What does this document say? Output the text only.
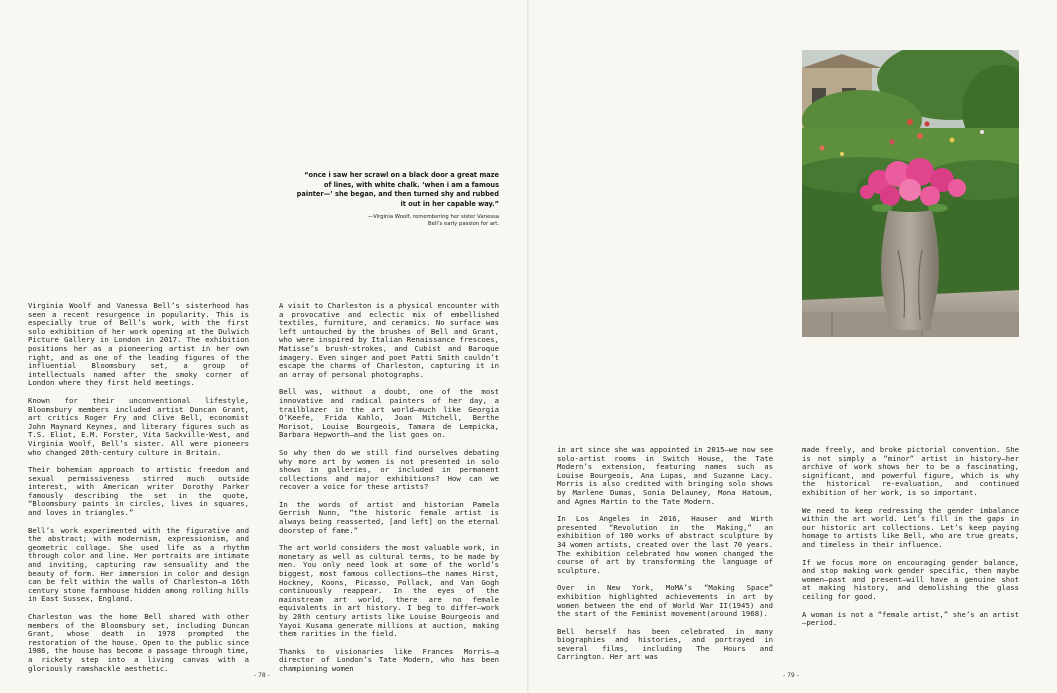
“once i saw her scrawl on a black door a great maze of lines, with white chalk. ‘when i am a famous painter—’ she began, and then turned shy and rubbed it out in her capable way.”

—Virginia Woolf, remembering her sister Vanessa Bell’s early passion for art.

Virginia Woolf and Vanessa Bell’s sisterhood has seen a recent resurgence in popularity. This is especially true of Bell’s work, with the first solo exhibition of her work opening at the Dulwich Picture Gallery in London in 2017. The exhibition positions her as a pioneering artist in her own right, and as one of the leading figures of the influential Bloomsbury set, a group of intellectuals named after the smoky corner of London where they first held meetings.

Known for their unconventional lifestyle, Bloomsbury members included artist Duncan Grant, art critics Roger Fry and Clive Bell, economist John Maynard Keynes, and literary figures such as T.S. Eliot, E.M. Forster, Vita Sackville-West, and Virginia Woolf, Bell’s sister. All were pioneers who changed 20th-century culture in Britain.

Their bohemian approach to artistic freedom and sexual permissiveness stirred much outside interest, with American writer Dorothy Parker famously describing the set in the quote, “Bloomsbury paints in circles, lives in squares, and loves in triangles.”

Bell’s work experimented with the figurative and the abstract; with modernism, expressionism, and geometric collage. She used life as a rhythm through color and line. Her portraits are intimate and inviting, capturing raw sensuality and the beauty of form. Her immersion in color and design can be felt within the walls of Charleston—a 16th century stone farmhouse hidden among rolling hills in East Sussex, England.

Charleston was the home Bell shared with other members of the Bloomsbury set, including Duncan Grant, whose death in 1978 prompted the restoration of the house. Open to the public since 1986, the house has become a passage through time, a rickety step into a living canvas with a gloriously ramshackle aesthetic.

A visit to Charleston is a physical encounter with a provocative and eclectic mix of embellished textiles, furniture, and ceramics. No surface was left untouched by the brushes of Bell and Grant, who were inspired by Italian Renaissance frescoes, Matisse’s brush-strokes, and Cubist and Baroque imagery. Even singer and poet Patti Smith couldn’t escape the charms of Charleston, capturing it in an array of personal photographs.

Bell was, without a doubt, one of the most innovative and radical painters of her day, a trailblazer in the art world—much like Georgia O’Keefe, Frida Kahlo, Joan Mitchell, Berthe Morisot, Louise Bourgeois, Tamara de Lempicka, Barbara Hepworth—and the list goes on.

So why then do we still find ourselves debating why more art by women is not presented in solo shows in galleries, or included in permanent collections and major exhibitions? How can we recover a voice for these artists?

In the words of artist and historian Pamela Gerrish Nunn, “the historic female artist is always being reasserted, [and left] on the eternal doorstep of fame.”

The art world considers the most valuable work, in monetary as well as cultural terms, to be made by men. You only need look at some of the world’s biggest, most famous collections—the names Hirst, Hockney, Koons, Picasso, Pollack, and Van Gogh continuously reappear. In the eyes of the mainstream art world, there are no female equivalents in art history. I beg to differ—work by 20th century artists like Louise Bourgeois and Yayoi Kusama generate millions at auction, making them rarities in the field.

Thanks to visionaries like Frances Morris—a director of London’s Tate Modern, who has been championing women

in art since she was appointed in 2015—we now see solo-artist rooms in Switch House, the Tate Modern’s extension, featuring names such as Louise Bourgeois, Ana Lupas, and Suzanne Lacy. Morris is also credited with bringing solo shows by Marlene Dumas, Sonia Delauney, Mona Hatoum, and Agnes Martin to the Tate Modern.

In Los Angeles in 2016, Hauser and Wirth presented “Revolution in the Making,” an exhibition of 100 works of abstract sculpture by 34 women artists, created over the last 70 years. The exhibition celebrated how women changed the course of art by transforming the language of sculpture.

Over in New York, MoMA’s “Making Space” exhibition highlighted achievements in art by women between the end of World War II(1945) and the start of the Feminist movement(around 1968).

Bell herself has been celebrated in many biographies and histories, and portrayed in several films, including The Hours and Carrington. Her art was

made freely, and broke pictorial convention. She is not simply a “minor” artist in history—her archive of work shows her to be a fascinating, significant, and powerful figure, which is why the historical re-evaluation, and continued exhibition of her work, is so important.

We need to keep redressing the gender imbalance within the art world. Let’s fill in the gaps in our historic art collections. Let’s keep paying homage to artists like Bell, who are true greats, and timeless in their influence.

If we focus more on encouraging gender balance, and stop making work gender specific, then maybe women—past and present—will have a genuine shot at making history, and demolishing the glass ceiling for good.

A woman is not a “female artist,” she’s an artist—period.

- 78 -	- 79 -
